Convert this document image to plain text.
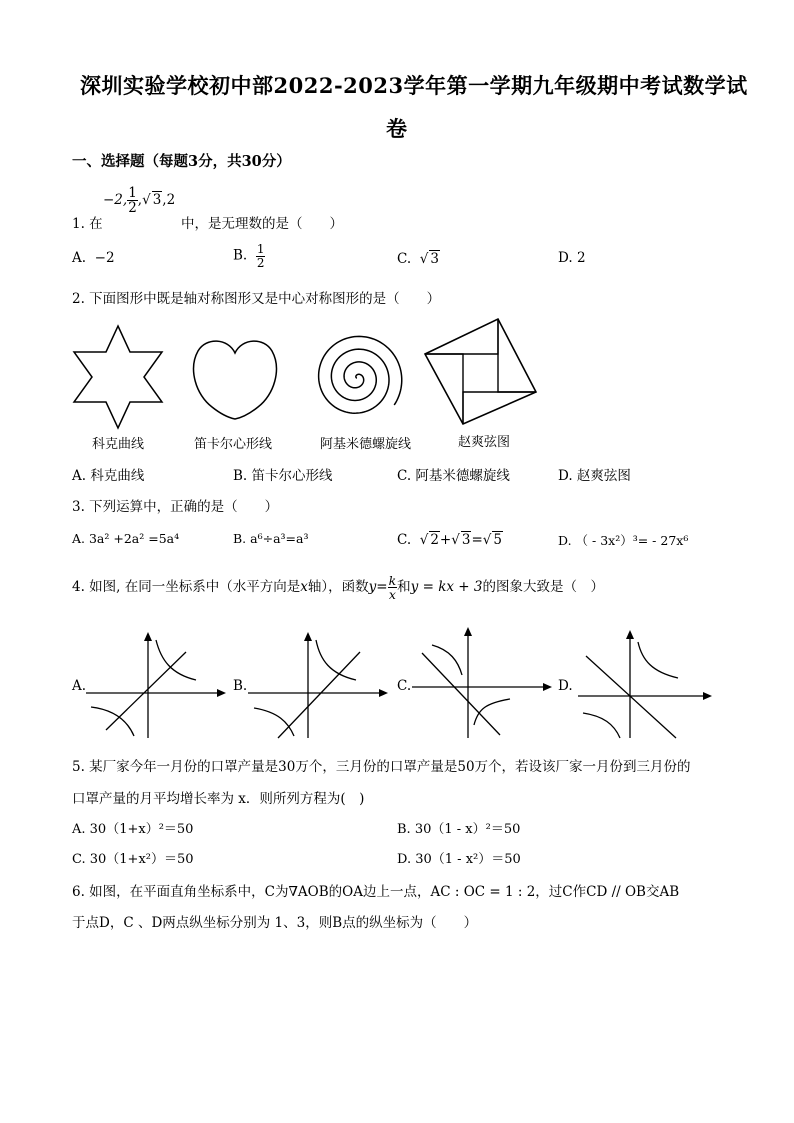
深圳实验学校初中部2022-2023学年第一学期九年级期中考试数学试
卷
一、选择题（每题3分，共30分）
−2, $\frac{1}{2}$ ,√ 3,2
1. 在	中，是无理数的是（　　）
A. −2	B. $\frac{1}{2}$	C.  √ 3	D. 2
2. 下面图形中既是轴对称图形又是中心对称图形的是（　　）
科克曲线	笛卡尔心形线	阿基米德螺旋线	赵爽弦图
A. 科克曲线	B. 笛卡尔心形线	C. 阿基米德螺旋线	D. 赵爽弦图
3. 下列运算中，正确的是（　　）
A. 3a² +2a² =5a⁴	B. a⁶÷a³=a³	C.  √ 2+√ 3=√ 5	D. （ - 3x²）³= - 27x⁶
4. 如图, 在同一坐标系中（水平方向是x轴），函数$y= \frac{k}{x}$ 和y = kx + 3的图象大致是（　）
A.	B.	C.	D.
5. 某厂家今年一月份的口罩产量是30万个，三月份的口罩产量是50万个，若设该厂家一月份到三月份的
口罩产量的月平均增长率为 x．则所列方程为(　)
A. 30（1+x）²＝50	B. 30（1 - x）²＝50
C. 30（1+x²）＝50	D. 30（1 - x²）＝50
6. 如图，在平面直角坐标系中，C为∇AOB的OA边上一点，AC : OC = 1 : 2，过C作CD // OB交AB
于点D，C 、D两点纵坐标分别为 1、3，则B点的纵坐标为（　　）
